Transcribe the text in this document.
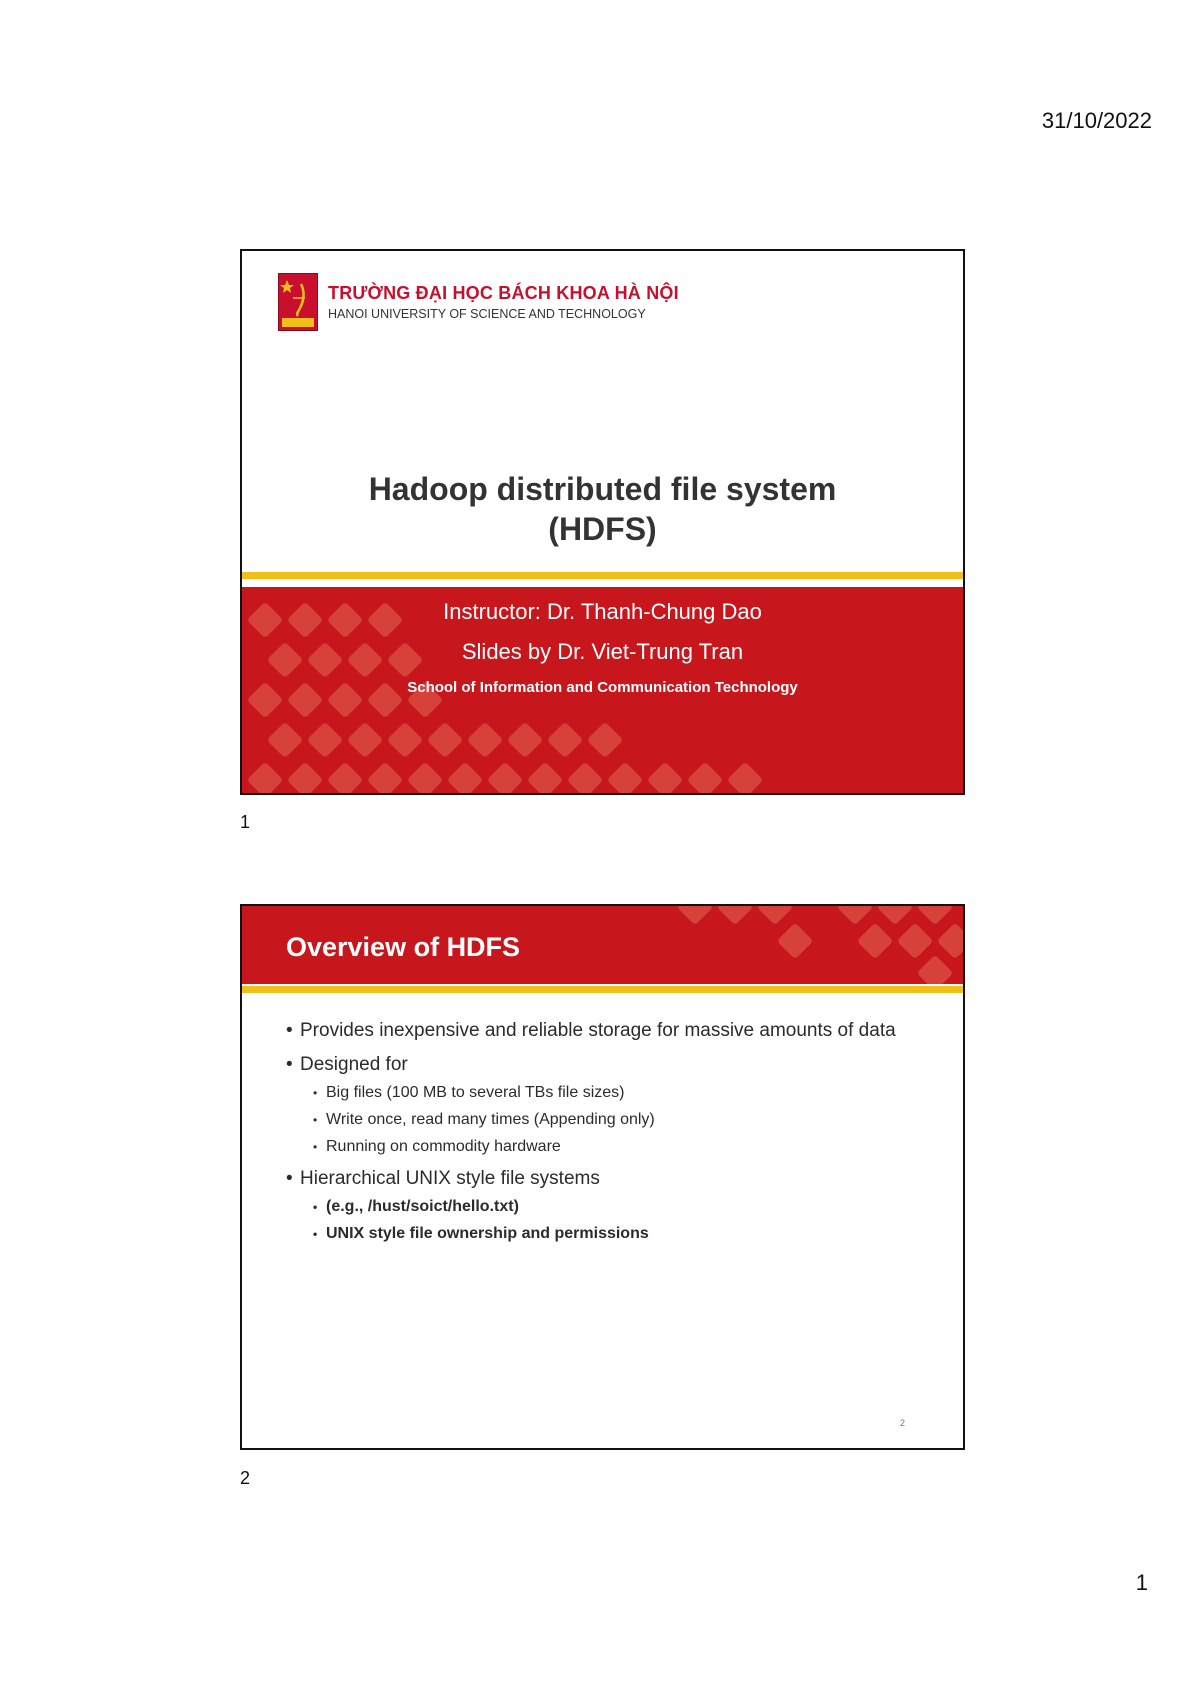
31/10/2022
TRƯỜNG ĐẠI HỌC BÁCH KHOA HÀ NỘI
HANOI UNIVERSITY OF SCIENCE AND TECHNOLOGY
Hadoop distributed file system
(HDFS)
Instructor: Dr. Thanh-Chung Dao
Slides by Dr. Viet-Trung Tran
School of Information and Communication Technology
1
Overview of HDFS
• Provides inexpensive and reliable storage for massive amounts of data
• Designed for
• Big files (100 MB to several TBs file sizes)
• Write once, read many times (Appending only)
• Running on commodity hardware
• Hierarchical UNIX style file systems
• (e.g., /hust/soict/hello.txt)
• UNIX style file ownership and permissions
2
2
1
